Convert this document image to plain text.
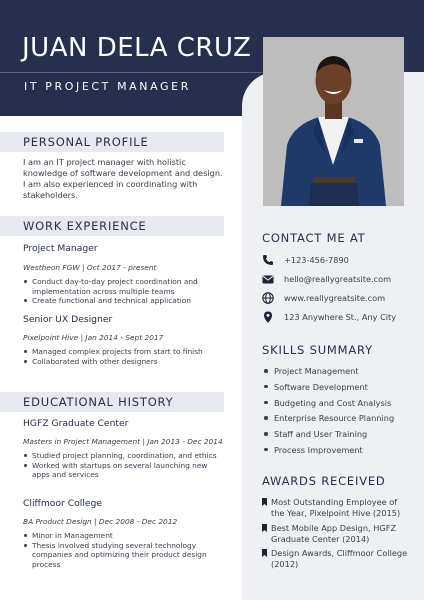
JUAN DELA CRUZ
IT PROJECT MANAGER
PERSONAL PROFILE
I am an IT project manager with holistic knowledge of software development and design. I am also experienced in coordinating with stakeholders.
WORK EXPERIENCE
Project Manager
Westheon FGW | Oct 2017 - present
Conduct day-to-day project coordination and implementation across multiple teams
Create functional and technical application
Senior UX Designer
Pixelpoint Hive | Jan 2014 - Sept 2017
Managed complex projects from start to finish
Collaborated with other designers
EDUCATIONAL HISTORY
HGFZ Graduate Center
Masters in Project Management | Jan 2013 - Dec 2014
Studied project planning, coordination, and ethics
Worked with startups on several launching new apps and services
Cliffmoor College
BA Product Design | Dec 2008 - Dec 2012
Minor in Management
Thesis involved studying several technology companies and optimizing their product design process
CONTACT ME AT
+123-456-7890
hello@reallygreatsite.com
www.reallygreatsite.com
123 Anywhere St., Any City
SKILLS SUMMARY
Project Management
Software Development
Budgeting and Cost Analysis
Enterprise Resource Planning
Staff and User Training
Process Improvement
AWARDS RECEIVED
Most Outstanding Employee of the Year, Pixelpoint Hive (2015)
Best Mobile App Design, HGFZ Graduate Center (2014)
Design Awards, Cliffmoor College (2012)
